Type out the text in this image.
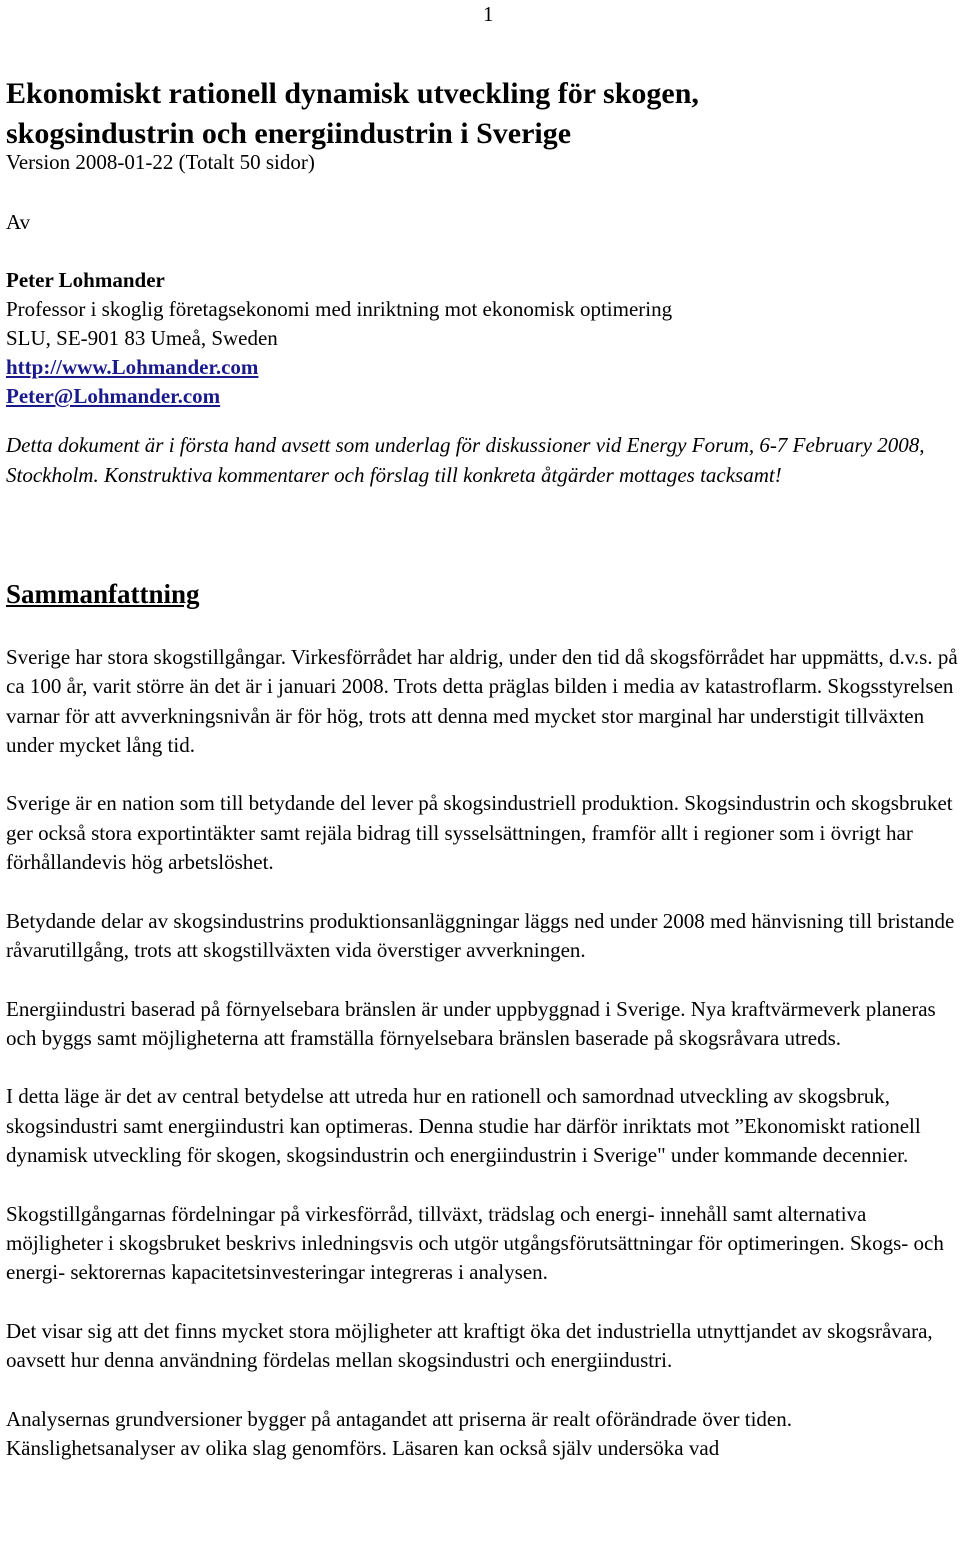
1
Ekonomiskt rationell dynamisk utveckling för skogen,
skogsindustrin och energiindustrin i Sverige
Version 2008-01-22 (Totalt 50 sidor)
Av
Peter Lohmander
Professor i skoglig företagsekonomi med inriktning mot ekonomisk optimering
SLU, SE-901 83 Umeå, Sweden
http://www.Lohmander.com
Peter@Lohmander.com

Detta dokument är i första hand avsett som underlag för diskussioner vid Energy Forum, 6-7 February 2008, Stockholm. Konstruktiva kommentarer och förslag till konkreta åtgärder mottages tacksamt!

Sammanfattning

Sverige har stora skogstillgångar. Virkesförrådet har aldrig, under den tid då skogsförrådet har uppmätts, d.v.s. på ca 100 år, varit större än det är i januari 2008. Trots detta präglas bilden i media av katastroflarm. Skogsstyrelsen varnar för att avverkningsnivån är för hög, trots att denna med mycket stor marginal har understigit tillväxten under mycket lång tid.

Sverige är en nation som till betydande del lever på skogsindustriell produktion. Skogsindustrin och skogsbruket ger också stora exportintäkter samt rejäla bidrag till sysselsättningen, framför allt i regioner som i övrigt har förhållandevis hög arbetslöshet.

Betydande delar av skogsindustrins produktionsanläggningar läggs ned under 2008 med hänvisning till bristande råvarutillgång, trots att skogstillväxten vida överstiger avverkningen.

Energiindustri baserad på förnyelsebara bränslen är under uppbyggnad i Sverige. Nya kraftvärmeverk planeras och byggs samt möjligheterna att framställa förnyelsebara bränslen baserade på skogsråvara utreds.

I detta läge är det av central betydelse att utreda hur en rationell och samordnad utveckling av skogsbruk, skogsindustri samt energiindustri kan optimeras. Denna studie har därför inriktats mot ”Ekonomiskt rationell dynamisk utveckling för skogen, skogsindustrin och energiindustrin i Sverige" under kommande decennier.

Skogstillgångarnas fördelningar på virkesförråd, tillväxt, trädslag och energi- innehåll samt alternativa möjligheter i skogsbruket beskrivs inledningsvis och utgör utgångsförutsättningar för optimeringen. Skogs- och energi- sektorernas kapacitetsinvesteringar integreras i analysen.

Det visar sig att det finns mycket stora möjligheter att kraftigt öka det industriella utnyttjandet av skogsråvara, oavsett hur denna användning fördelas mellan skogsindustri och energiindustri.

Analysernas grundversioner bygger på antagandet att priserna är realt oförändrade över tiden. Känslighetsanalyser av olika slag genomförs. Läsaren kan också själv undersöka vad
